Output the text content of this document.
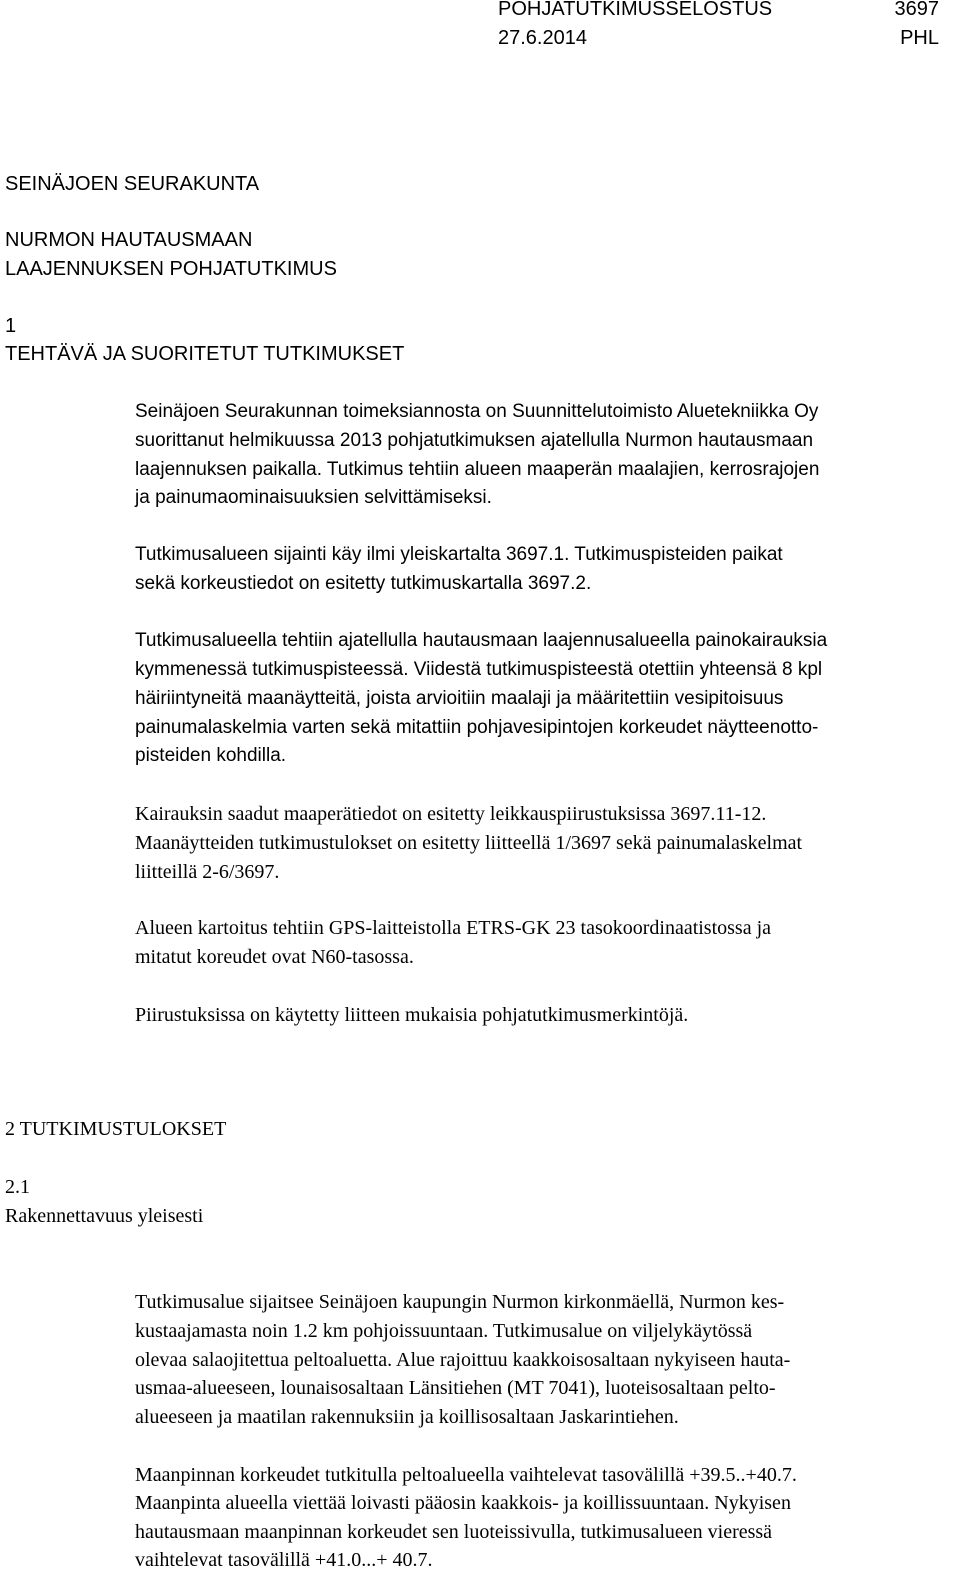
POHJATUTKIMUSSELOSTUS	3697
27.6.2014	PHL
SEINÄJOEN SEURAKUNTA
NURMON HAUTAUSMAAN
LAAJENNUKSEN POHJATUTKIMUS
1
TEHTÄVÄ JA SUORITETUT TUTKIMUKSET
Seinäjoen Seurakunnan toimeksiannosta on Suunnittelutoimisto Aluetekniikka Oy
suorittanut helmikuussa 2013 pohjatutkimuksen ajatellulla Nurmon hautausmaan
laajennuksen paikalla. Tutkimus tehtiin alueen maaperän maalajien, kerrosrajojen
ja painumaominaisuuksien selvittämiseksi.
Tutkimusalueen sijainti käy ilmi yleiskartalta 3697.1. Tutkimuspisteiden paikat
sekä korkeustiedot on esitetty tutkimuskartalla 3697.2.
Tutkimusalueella tehtiin ajatellulla hautausmaan laajennusalueella painokairauksia
kymmenessä tutkimuspisteessä. Viidestä tutkimuspisteestä otettiin yhteensä 8 kpl
häiriintyneitä maanäytteitä, joista arvioitiin maalaji ja määritettiin vesipitoisuus
painumalaskelmia varten sekä mitattiin pohjavesipintojen korkeudet näytteenotto-
pisteiden kohdilla.
Kairauksin saadut maaperätiedot on esitetty leikkauspiirustuksissa 3697.11-12.
Maanäytteiden tutkimustulokset on esitetty liitteellä 1/3697 sekä painumalaskelmat
liitteillä 2-6/3697.
Alueen kartoitus tehtiin GPS-laitteistolla ETRS-GK 23 tasokoordinaatistossa ja
mitatut koreudet ovat N60-tasossa.
Piirustuksissa on käytetty liitteen mukaisia pohjatutkimusmerkintöjä.
2 TUTKIMUSTULOKSET
2.1
Rakennettavuus yleisesti
Tutkimusalue sijaitsee Seinäjoen kaupungin Nurmon kirkonmäellä, Nurmon kes-
kustaajamasta noin 1.2 km pohjoissuuntaan. Tutkimusalue on viljelykäytössä
olevaa salaojitettua peltoaluetta. Alue rajoittuu kaakkoisosaltaan nykyiseen hauta-
usmaa-alueeseen, lounaisosaltaan Länsitiehen (MT 7041), luoteisosaltaan pelto-
alueeseen ja maatilan rakennuksiin ja koillisosaltaan Jaskarintiehen.
Maanpinnan korkeudet tutkitulla peltoalueella vaihtelevat tasovälillä +39.5..+40.7.
Maanpinta alueella viettää loivasti pääosin kaakkois- ja koillissuuntaan. Nykyisen
hautausmaan maanpinnan korkeudet sen luoteissivulla, tutkimusalueen vieressä
vaihtelevat tasovälillä +41.0...+ 40.7.
